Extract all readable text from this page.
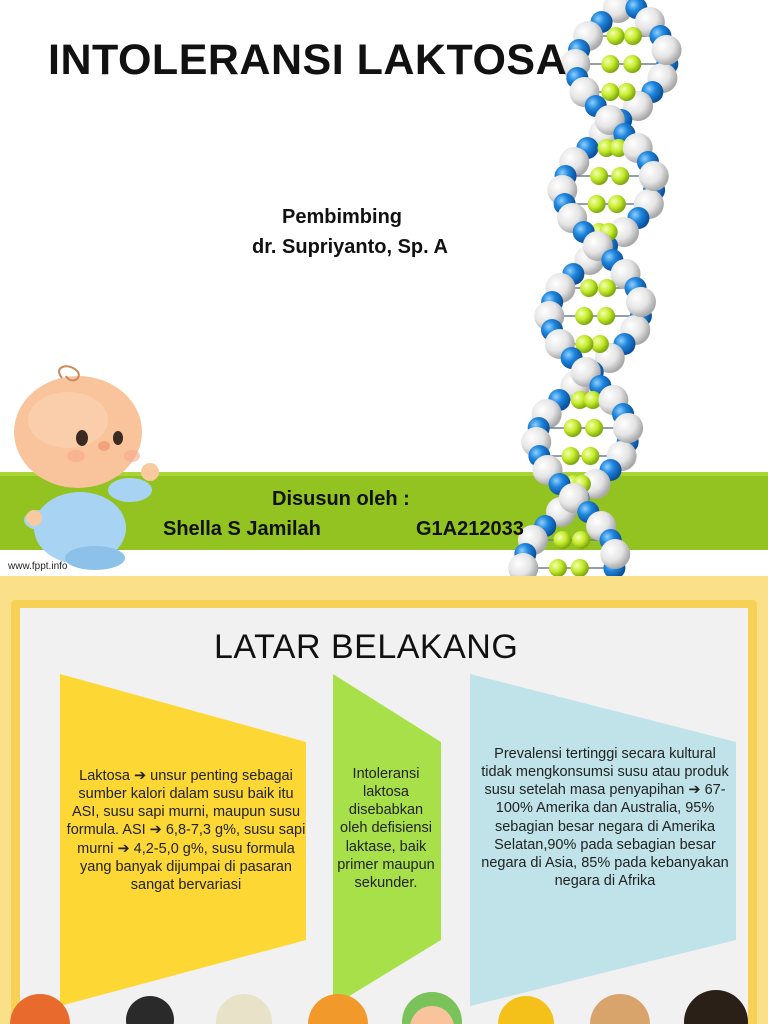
INTOLERANSI LAKTOSA
Pembimbing
dr. Supriyanto, Sp. A
Disusun oleh :
Shella S Jamilah	G1A212033
www.fppt.info
LATAR BELAKANG
Laktosa ➔ unsur penting sebagai sumber kalori dalam susu baik itu ASI, susu sapi murni, maupun susu formula. ASI ➔ 6,8-7,3 g%, susu sapi murni ➔ 4,2-5,0 g%, susu formula yang banyak dijumpai di pasaran sangat bervariasi
Intoleransi laktosa disebabkan oleh defisiensi laktase, baik primer maupun sekunder.
Prevalensi tertinggi secara kultural tidak mengkonsumsi susu atau produk susu setelah masa penyapihan ➔ 67-100% Amerika dan Australia, 95% sebagian besar negara di Amerika Selatan,90% pada sebagian besar negara di Asia, 85% pada kebanyakan negara di Afrika
